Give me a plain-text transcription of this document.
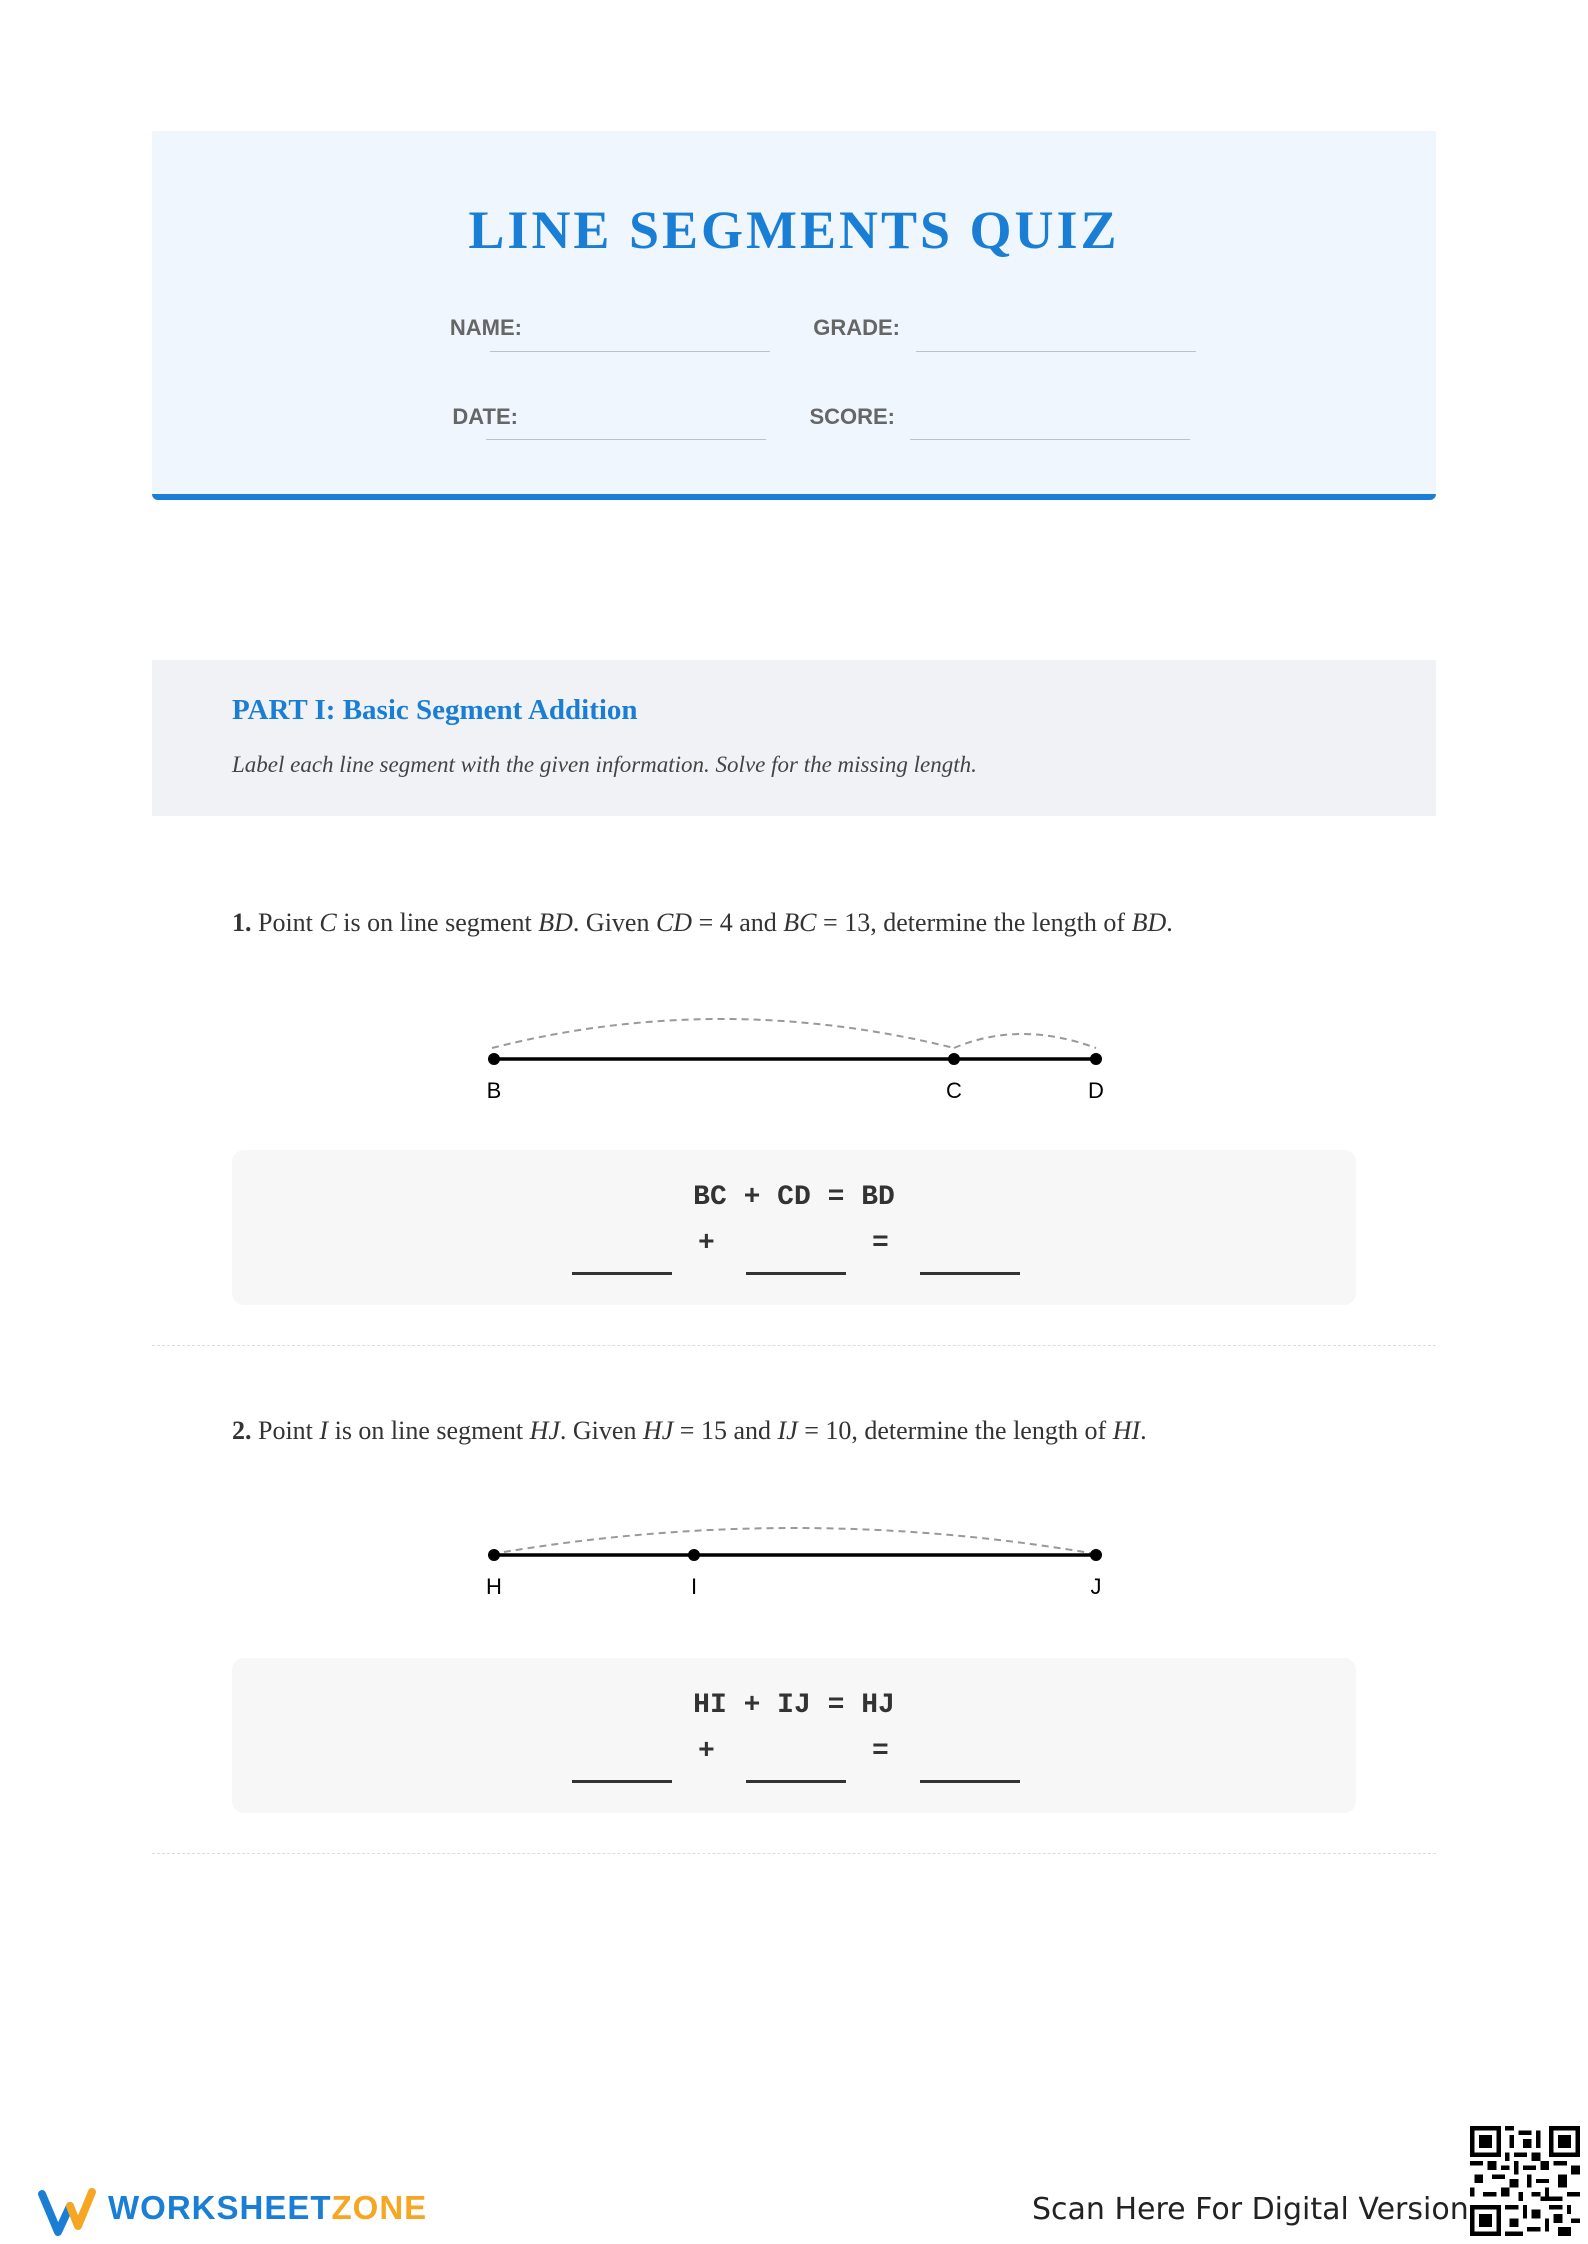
LINE SEGMENTS QUIZ
NAME:	GRADE:
DATE:	SCORE:
PART I: Basic Segment Addition
Label each line segment with the given information. Solve for the missing length.
1. Point C is on line segment BD. Given CD = 4 and BC = 13, determine the length of BD.
B	C	D
BC + CD = BD
+	=
2. Point I is on line segment HJ. Given HJ = 15 and IJ = 10, determine the length of HI.
H	I	J
HI + IJ = HJ
+	=
WORKSHEETZONE	Scan Here For Digital Version
